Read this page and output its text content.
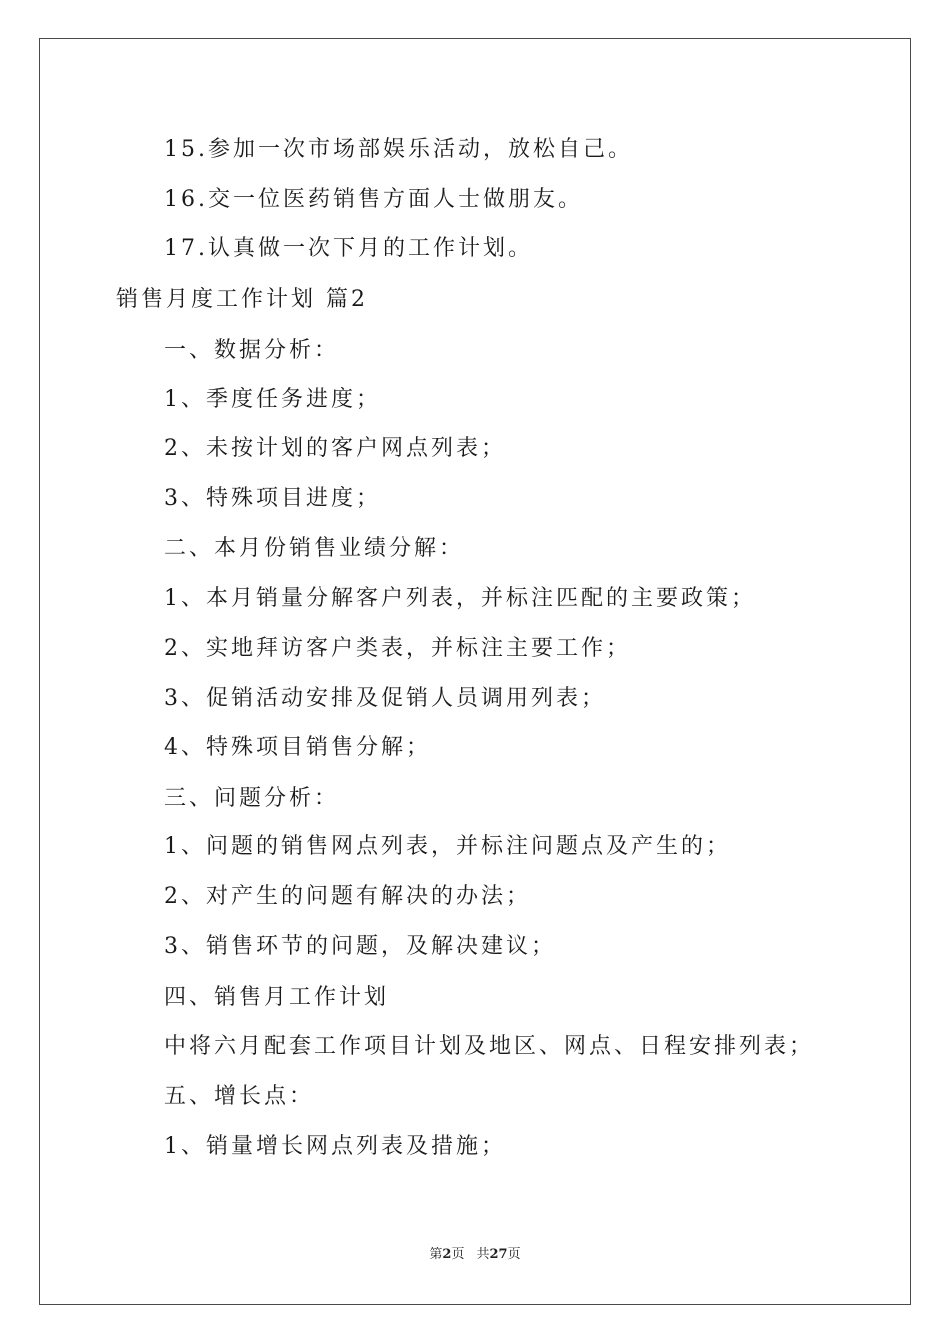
15.参加一次市场部娱乐活动，放松自己。
16.交一位医药销售方面人士做朋友。
17.认真做一次下月的工作计划。
销售月度工作计划 篇2
一、数据分析：
1、季度任务进度；
2、未按计划的客户网点列表；
3、特殊项目进度；
二、本月份销售业绩分解：
1、本月销量分解客户列表，并标注匹配的主要政策；
2、实地拜访客户类表，并标注主要工作；
3、促销活动安排及促销人员调用列表；
4、特殊项目销售分解；
三、问题分析：
1、问题的销售网点列表，并标注问题点及产生的；
2、对产生的问题有解决的办法；
3、销售环节的问题，及解决建议；
四、销售月工作计划
中将六月配套工作项目计划及地区、网点、日程安排列表；
五、增长点：
1、销量增长网点列表及措施；
第2页 共27页
